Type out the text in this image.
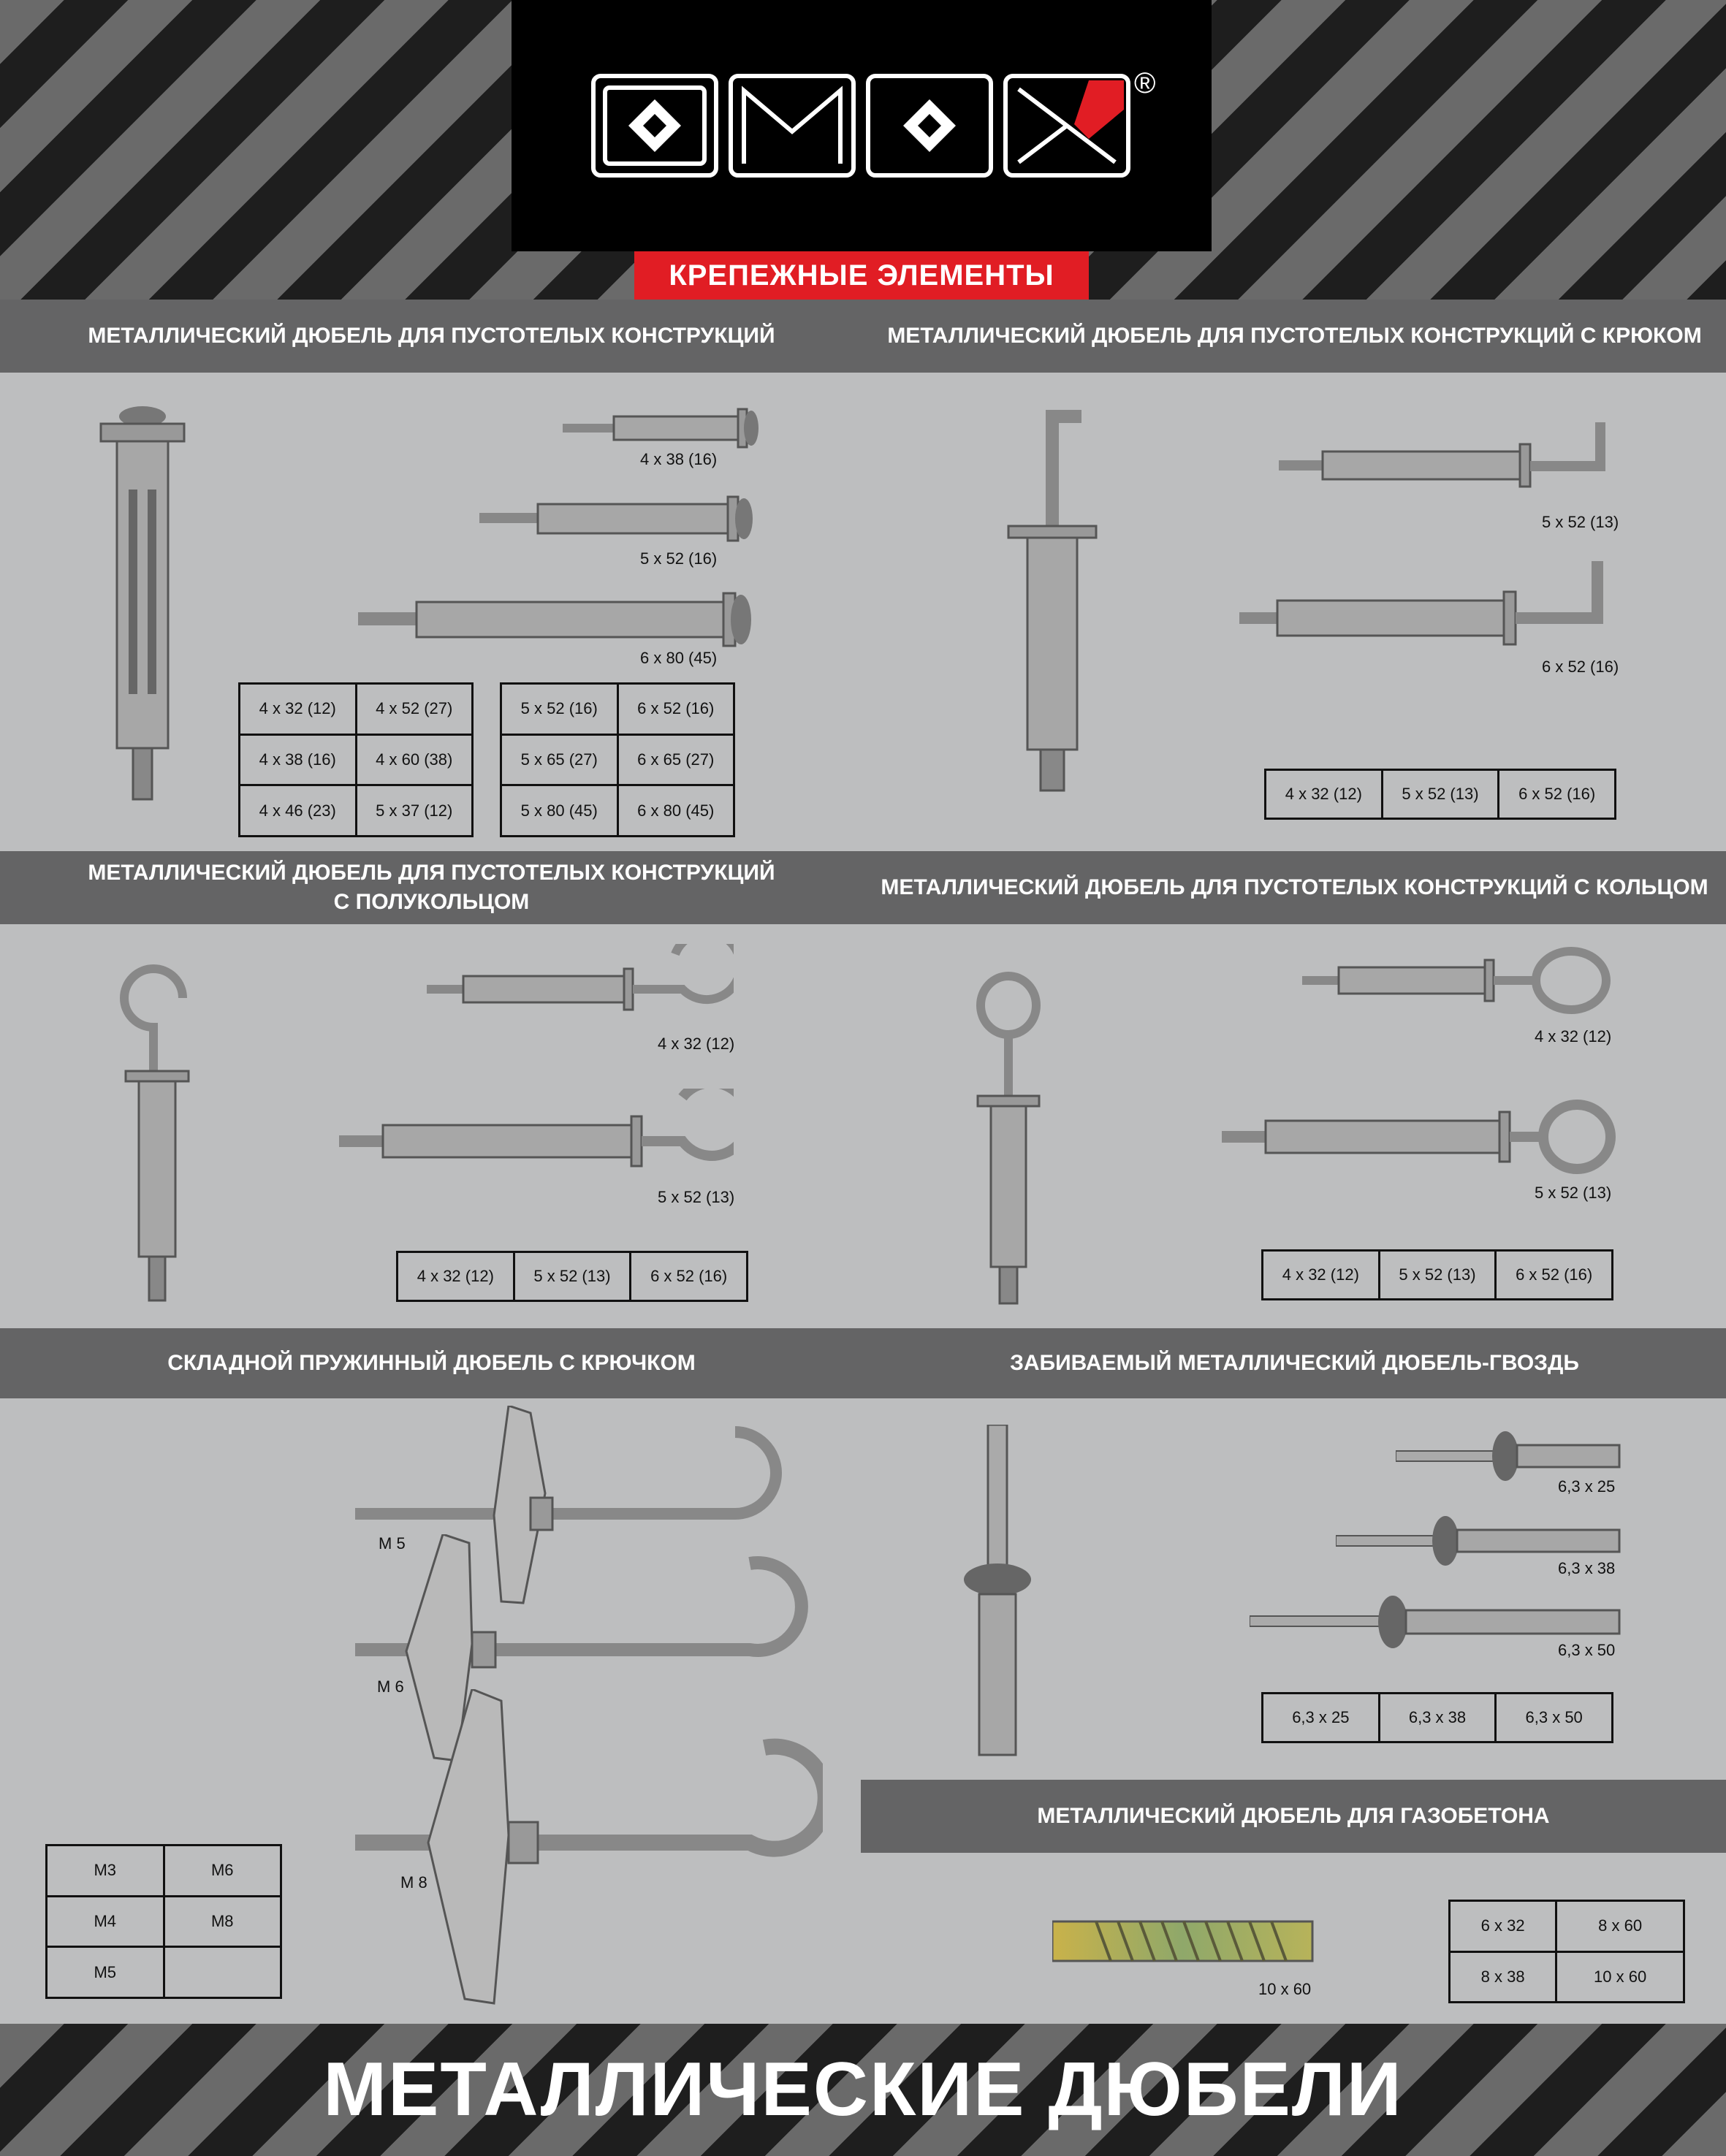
®
КРЕПЕЖНЫЕ ЭЛЕМЕНТЫ
МЕТАЛЛИЧЕСКИЙ ДЮБЕЛЬ ДЛЯ ПУСТОТЕЛЫХ КОНСТРУКЦИЙ	МЕТАЛЛИЧЕСКИЙ ДЮБЕЛЬ ДЛЯ ПУСТОТЕЛЫХ КОНСТРУКЦИЙ С КРЮКОМ
4 x 38 (16)
5 x 52 (16)
6 x 80 (45)
4 x 32 (12)	4 x 52 (27)
4 x 38 (16)	4 x 60 (38)
4 x 46 (23)	5 x 37 (12)
5 x 52 (16)	6 x 52 (16)
5 x 65 (27)	6 x 65 (27)
5 x 80 (45)	6 x 80 (45)
5 x 52 (13)
6 x 52 (16)
4 x 32 (12)	5 x 52 (13)	6 x 52 (16)
МЕТАЛЛИЧЕСКИЙ ДЮБЕЛЬ ДЛЯ ПУСТОТЕЛЫХ КОНСТРУКЦИЙ
С ПОЛУКОЛЬЦОМ
МЕТАЛЛИЧЕСКИЙ ДЮБЕЛЬ ДЛЯ ПУСТОТЕЛЫХ КОНСТРУКЦИЙ С КОЛЬЦОМ
4 x 32 (12)
5 x 52 (13)
4 x 32 (12)	5 x 52 (13)	6 x 52 (16)
4 x 32 (12)
5 x 52 (13)
4 x 32 (12)	5 x 52 (13)	6 x 52 (16)
СКЛАДНОЙ ПРУЖИННЫЙ ДЮБЕЛЬ С КРЮЧКОМ	ЗАБИВАЕМЫЙ МЕТАЛЛИЧЕСКИЙ ДЮБЕЛЬ-ГВОЗДЬ
M 5
M 6
M 8
M3	M6
M4	M8
M5	
6,3 x 25
6,3 x 38
6,3 x 50
6,3 x 25	6,3 x 38	6,3 x 50
МЕТАЛЛИЧЕСКИЙ ДЮБЕЛЬ ДЛЯ ГАЗОБЕТОНА
10 x 60
6 x 32	8 x 60
8 x 38	10 x 60
МЕТАЛЛИЧЕСКИЕ ДЮБЕЛИ
